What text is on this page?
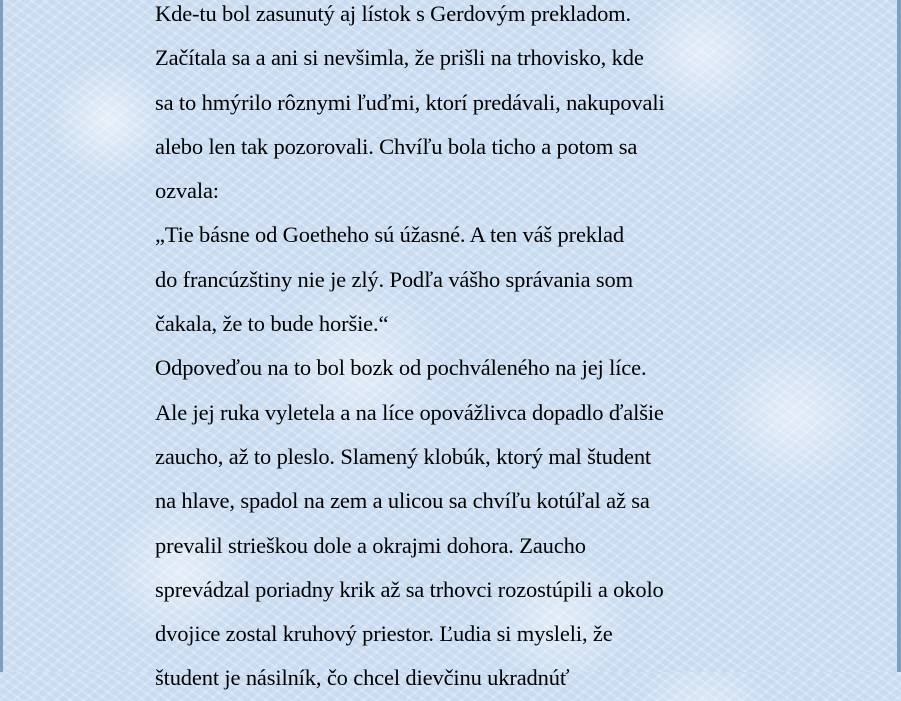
Kde-tu bol zasunutý aj lístok s Gerdovým prekladom.
Začítala sa a ani si nevšimla, že prišli na trhovisko, kde
sa to hmýrilo rôznymi ľuďmi, ktorí predávali, nakupovali
alebo len tak pozorovali. Chvíľu bola ticho a potom sa
ozvala:
„Tie básne od Goetheho sú úžasné. A ten váš preklad
do francúzštiny nie je zlý. Podľa vášho správania som
čakala, že to bude horšie.“
Odpoveďou na to bol bozk od pochváleného na jej líce.
Ale jej ruka vyletela a na líce opovážlivca dopadlo ďalšie
zaucho, až to pleslo. Slamený klobúk, ktorý mal študent
na hlave, spadol na zem a ulicou sa chvíľu kotúľal až sa
prevalil strieškou dole a okrajmi dohora. Zaucho
sprevádzal poriadny krik až sa trhovci rozostúpili a okolo
dvojice zostal kruhový priestor. Ľudia si mysleli, že
študent je násilník, čo chcel dievčinu ukradnúť
